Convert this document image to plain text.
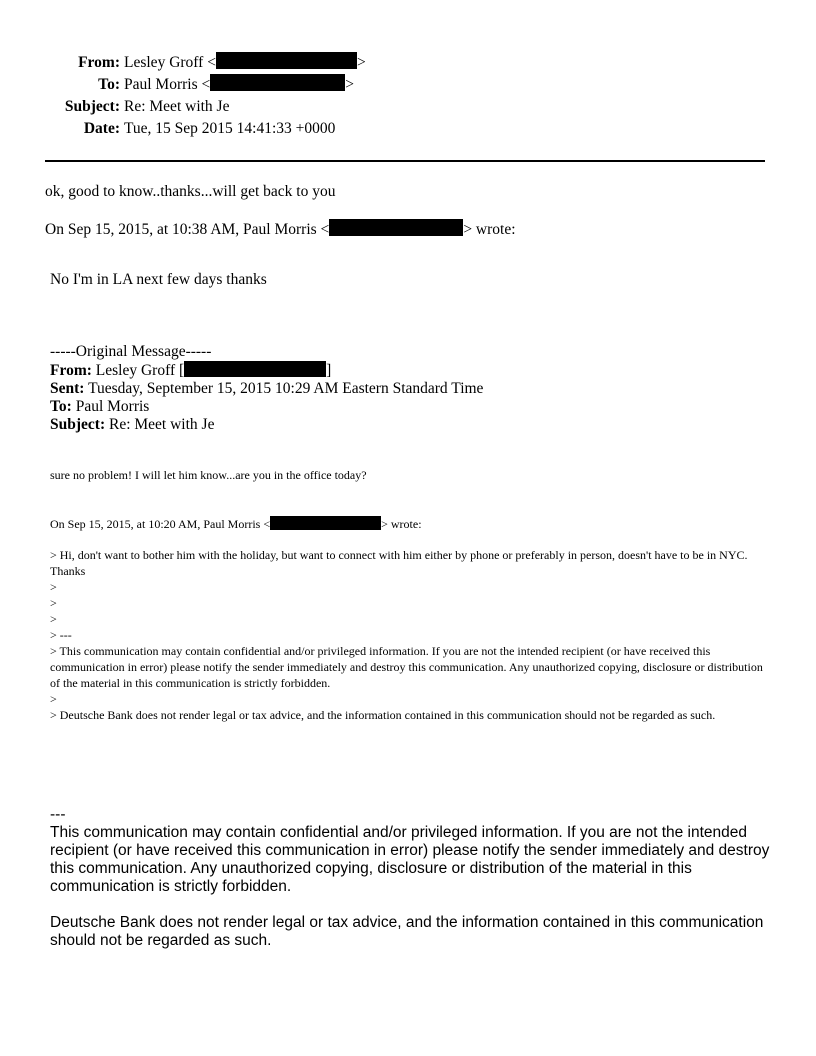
From: Lesley Groff <	>
To: Paul Morris <	>
Subject: Re: Meet with Je
Date: Tue, 15 Sep 2015 14:41:33 +0000
ok, good to know..thanks...will get back to you
On Sep 15, 2015, at 10:38 AM, Paul Morris <	> wrote:
No I'm in LA next few days thanks
-----Original Message-----
From: Lesley Groff [	]
Sent: Tuesday, September 15, 2015 10:29 AM Eastern Standard Time
To: Paul Morris
Subject: Re: Meet with Je
sure no problem! I will let him know...are you in the office today?
On Sep 15, 2015, at 10:20 AM, Paul Morris <	> wrote:
> Hi, don't want to bother him with the holiday, but want to connect with him either by phone or preferably in person, doesn't have to be in NYC. Thanks
>
>
>
> ---
> This communication may contain confidential and/or privileged information. If you are not the intended recipient (or have received this communication in error) please notify the sender immediately and destroy this communication. Any unauthorized copying, disclosure or distribution of the material in this communication is strictly forbidden.
>
> Deutsche Bank does not render legal or tax advice, and the information contained in this communication should not be regarded as such.

---

This communication may contain confidential and/or privileged information. If you are not the intended recipient (or have received this communication in error) please notify the sender immediately and destroy this communication. Any unauthorized copying, disclosure or distribution of the material in this communication is strictly forbidden.

Deutsche Bank does not render legal or tax advice, and the information contained in this communication should not be regarded as such.
